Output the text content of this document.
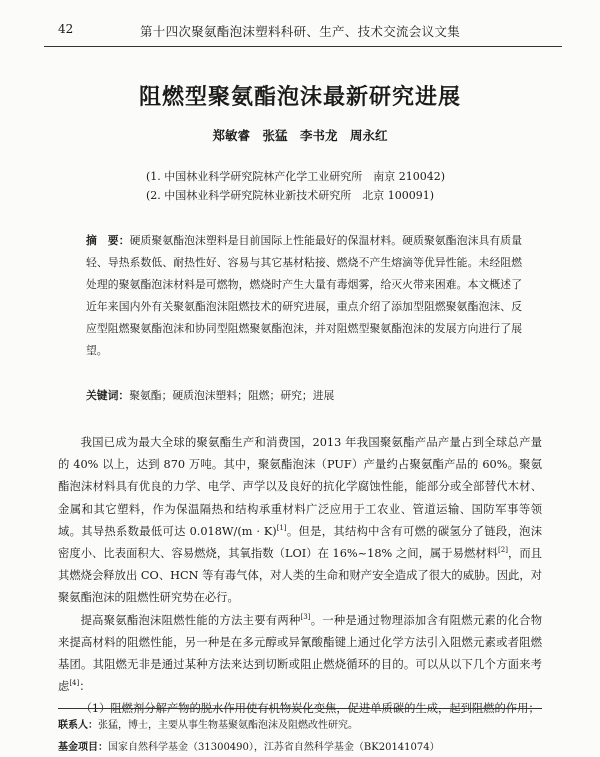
42	第十四次聚氨酯泡沫塑料科研、生产、技术交流会议文集
阻燃型聚氨酯泡沫最新研究进展
郑敏睿　张猛　李书龙　周永红
(1. 中国林业科学研究院林产化学工业研究所　南京 210042)
(2. 中国林业科学研究院林业新技术研究所　北京 100091)

摘　要：硬质聚氨酯泡沫塑料是目前国际上性能最好的保温材料。硬质聚氨酯泡沫具有质量轻、导热系数低、耐热性好、容易与其它基材粘接、燃烧不产生熔滴等优异性能。未经阻燃处理的聚氨酯泡沫材料是可燃物，燃烧时产生大量有毒烟雾，给灭火带来困难。本文概述了近年来国内外有关聚氨酯泡沫阻燃技术的研究进展，重点介绍了添加型阻燃聚氨酯泡沫、反应型阻燃聚氨酯泡沫和协同型阻燃聚氨酯泡沫，并对阻燃型聚氨酯泡沫的发展方向进行了展望。

关键词：聚氨酯；硬质泡沫塑料；阻燃；研究；进展

我国已成为最大全球的聚氨酯生产和消费国，2013 年我国聚氨酯产品产量占到全球总产量的 40% 以上，达到 870 万吨。其中，聚氨酯泡沫（PUF）产量约占聚氨酯产品的 60%。聚氨酯泡沫材料具有优良的力学、电学、声学以及良好的抗化学腐蚀性能，能部分或全部替代木材、金属和其它塑料，作为保温隔热和结构承重材料广泛应用于工农业、管道运输、国防军事等领域。其导热系数最低可达 0.018W/(m · K)[1]。但是，其结构中含有可燃的碳氢分了链段，泡沫密度小、比表面积大、容易燃烧，其氧指数（LOI）在 16%~18% 之间，属于易燃材料[2]，而且其燃烧会释放出 CO、HCN 等有毒气体，对人类的生命和财产安全造成了很大的威胁。因此，对聚氨酯泡沫的阻燃性研究势在必行。

提高聚氨酯泡沫阻燃性能的方法主要有两种[3]。一种是通过物理添加含有阻燃元素的化合物来提高材料的阻燃性能，另一种是在多元醇或异氰酸酯键上通过化学方法引入阻燃元素或者阻燃基团。其阻燃无非是通过某种方法来达到切断或阻止燃烧循环的目的。可以从以下几个方面来考虑[4]：

（1）阻燃剂分解产物的脱水作用使有机物炭化变焦，促进单质碳的生成，起到阻燃的作用；

联系人：张猛，博士，主要从事生物基聚氨酯泡沫及阻燃改性研究。
基金项目：国家自然科学基金（31300490），江苏省自然科学基金（BK20141074）
